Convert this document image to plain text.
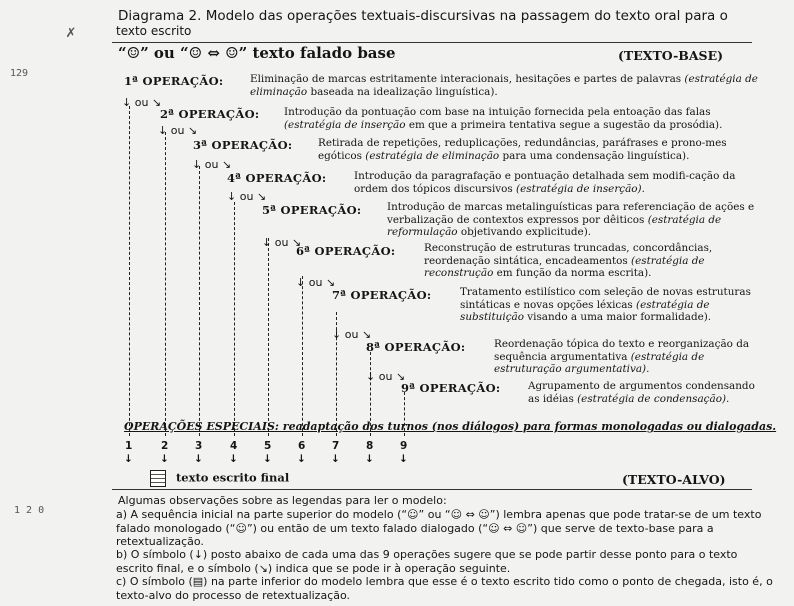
✗
129
1 2 0
Diagrama 2. Modelo das operações textuais-discursivas na passagem do texto oral para o
texto escrito
“☺” ou “☺ ⇔ ☺” texto falado base	(TEXTO-BASE)
1ª OPERAÇÃO:	Eliminação de marcas estritamente interacionais, hesitações e partes de palavras (estratégia de eliminação baseada na idealização linguística).
↓ ou ↘
2ª OPERAÇÃO: Introdução da pontuação com base na intuição fornecida pela entoação das falas (estratégia de inserção em que a primeira tentativa segue a sugestão da prosódia).
↓ ou ↘
3ª OPERAÇÃO: Retirada de repetições, reduplicações, redundâncias, paráfrases e prono-mes egóticos (estratégia de eliminação para uma condensação linguística).
↓ ou ↘
4ª OPERAÇÃO:	Introdução da paragrafação e pontuação detalhada sem modifi-cação da ordem dos tópicos discursivos (estratégia de inserção).
↓ ou ↘
5ª OPERAÇÃO: Introdução de marcas metalinguísticas para referenciação de ações e verbalização de contextos expressos por dêiticos (estratégia de reformulação objetivando explicitude).
↓ ou ↘
6ª OPERAÇÃO:	Reconstrução de estruturas truncadas, concordâncias, reordenação sintática, encadeamentos (estratégia de reconstrução em função da norma escrita).
↓ ou ↘
7ª OPERAÇÃO:	Tratamento estilístico com seleção de novas estruturas sintáticas e novas opções léxicas (estratégia de substituição visando a uma maior formalidade).
↓ ou ↘
8ª OPERAÇÃO:	Reordenação tópica do texto e reorganização da sequência argumentativa (estratégia de estruturação argumentativa).
↓ ou ↘
9ª OPERAÇÃO:	Agrupamento de argumentos condensando as idéias (estratégia de condensação).
OPERAÇÕES ESPECIAIS: readaptação dos turnos (nos diálogos) para formas monologadas ou dialogadas.
1	2	3	4	5	6	7	8	9
↓	↓ ↓ ↓ ↓ ↓ ↓ ↓ ↓
texto escrito final	(TEXTO-ALVO)
Algumas observações sobre as legendas para ler o modelo:
a) A sequência inicial na parte superior do modelo (“☺” ou “☺ ⇔ ☺”) lembra apenas que pode tratar-se de um texto falado monologado (“☺”) ou então de um texto falado dialogado (“☺ ⇔ ☺”) que serve de texto-base para a retextualização.
b) O símbolo (↓) posto abaixo de cada uma das 9 operações sugere que se pode partir desse ponto para o texto escrito final, e o símbolo (↘) indica que se pode ir à operação seguinte.
c) O símbolo (▤) na parte inferior do modelo lembra que esse é o texto escrito tido como o ponto de chegada, isto é, o texto-alvo do processo de retextualização.
